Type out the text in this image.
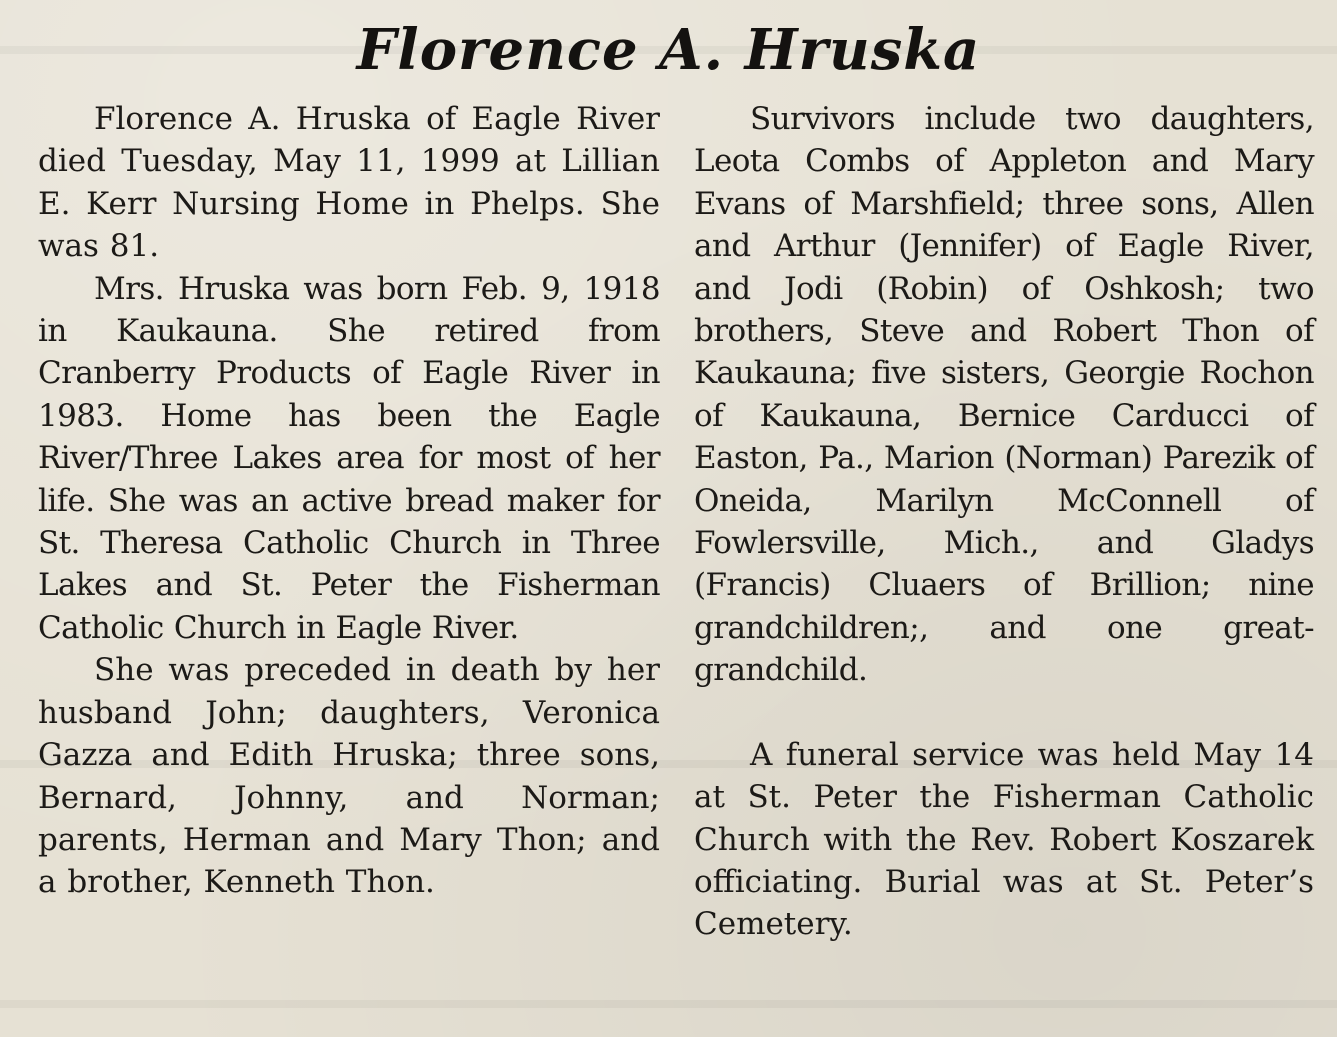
Florence A. Hruska

Florence A. Hruska of Eagle River died Tuesday, May 11, 1999 at Lillian E. Kerr Nursing Home in Phelps. She was 81.

Mrs. Hruska was born Feb. 9, 1918 in Kaukauna. She retired from Cranberry Products of Eagle River in 1983. Home has been the Eagle River/Three Lakes area for most of her life. She was an active bread maker for St. Theresa Catholic Church in Three Lakes and St. Peter the Fisherman Catholic Church in Eagle River.

She was preceded in death by her husband John; daughters, Veronica Gazza and Edith Hruska; three sons, Bernard, Johnny, and Norman; parents, Herman and Mary Thon; and a brother, Kenneth Thon.

Survivors include two daughters, Leota Combs of Appleton and Mary Evans of Marshfield; three sons, Allen and Arthur (Jennifer) of Eagle River, and Jodi (Robin) of Oshkosh; two brothers, Steve and Robert Thon of Kaukauna; five sisters, Georgie Rochon of Kaukauna, Bernice Carducci of Easton, Pa., Marion (Norman) Parezik of Oneida, Marilyn McConnell of Fowlersville, Mich., and Gladys (Francis) Cluaers of Brillion; nine grandchildren;, and one great-grandchild.

A funeral service was held May 14 at St. Peter the Fisherman Catholic Church with the Rev. Robert Koszarek officiating. Burial was at St. Peter’s Cemetery.
